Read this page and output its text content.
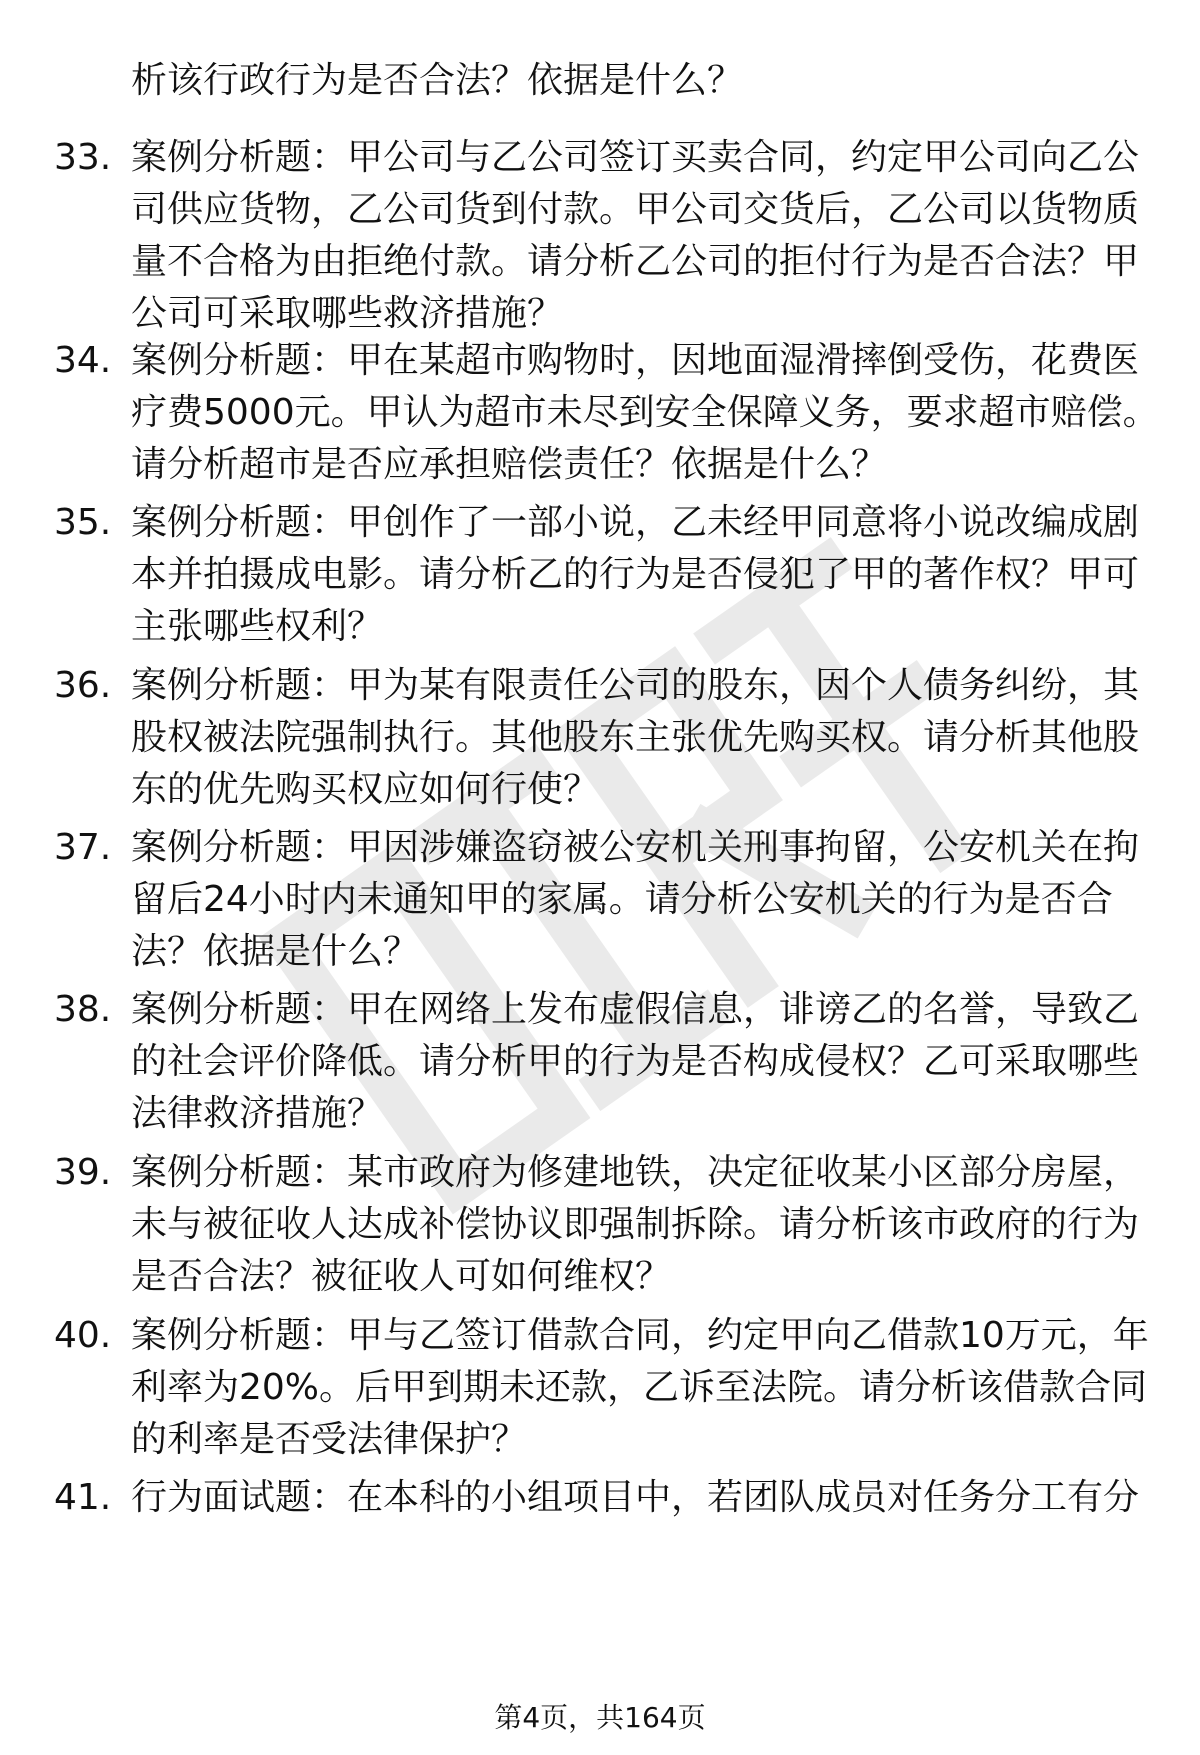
析该行政行为是否合法？依据是什么？
33. 案例分析题：甲公司与乙公司签订买卖合同，约定甲公司向乙公
司供应货物，乙公司货到付款。甲公司交货后，乙公司以货物质
量不合格为由拒绝付款。请分析乙公司的拒付行为是否合法？甲
公司可采取哪些救济措施？
34. 案例分析题：甲在某超市购物时，因地面湿滑摔倒受伤，花费医
疗费5000元。甲认为超市未尽到安全保障义务，要求超市赔偿。
请分析超市是否应承担赔偿责任？依据是什么？
35. 案例分析题：甲创作了一部小说，乙未经甲同意将小说改编成剧
本并拍摄成电影。请分析乙的行为是否侵犯了甲的著作权？甲可
主张哪些权利？
36. 案例分析题：甲为某有限责任公司的股东，因个人债务纠纷，其
股权被法院强制执行。其他股东主张优先购买权。请分析其他股
东的优先购买权应如何行使？
37. 案例分析题：甲因涉嫌盗窃被公安机关刑事拘留，公安机关在拘
留后24小时内未通知甲的家属。请分析公安机关的行为是否合
法？依据是什么？
38. 案例分析题：甲在网络上发布虚假信息，诽谤乙的名誉，导致乙
的社会评价降低。请分析甲的行为是否构成侵权？乙可采取哪些
法律救济措施？
39. 案例分析题：某市政府为修建地铁，决定征收某小区部分房屋，
未与被征收人达成补偿协议即强制拆除。请分析该市政府的行为
是否合法？被征收人可如何维权？
40. 案例分析题：甲与乙签订借款合同，约定甲向乙借款10万元，年
利率为20%。后甲到期未还款，乙诉至法院。请分析该借款合同
的利率是否受法律保护？
41. 行为面试题：在本科的小组项目中，若团队成员对任务分工有分
第4页，共164页
